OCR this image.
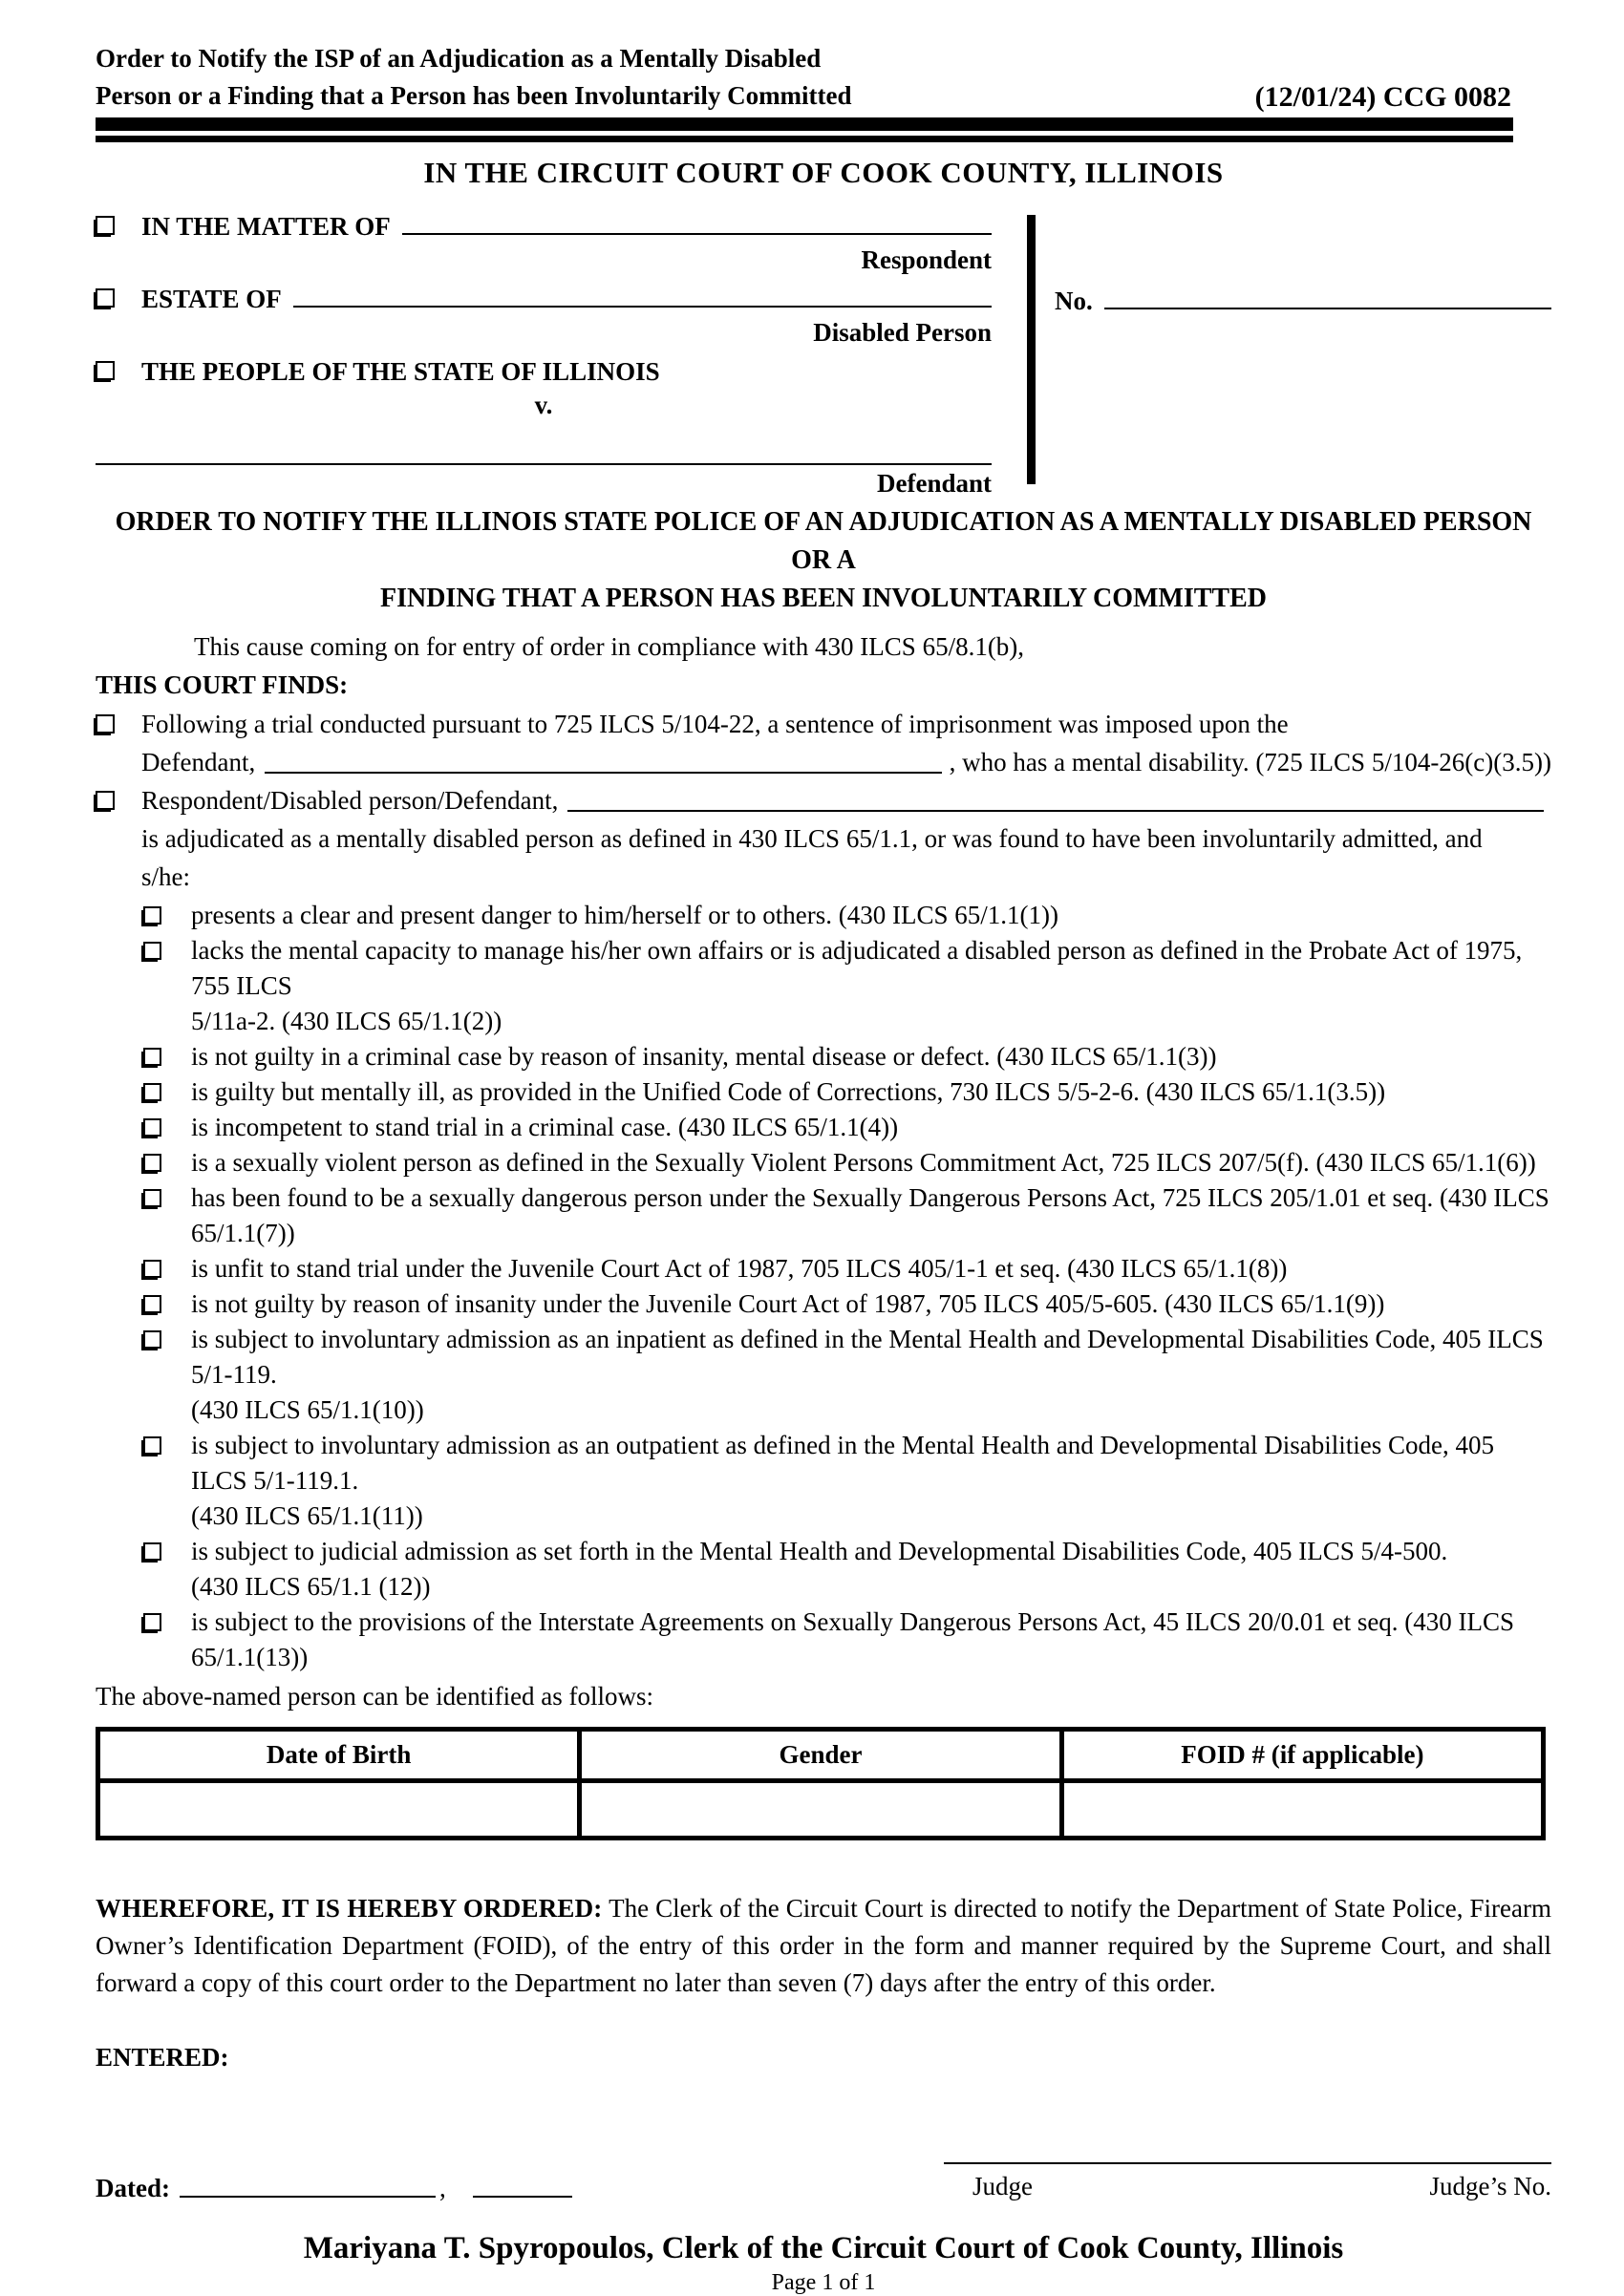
Order to Notify the ISP of an Adjudication as a Mentally Disabled
Person or a Finding that a Person has been Involuntarily Committed	(12/01/24) CCG 0082
IN THE CIRCUIT COURT OF COOK COUNTY, ILLINOIS
IN THE MATTER OF
Respondent
ESTATE OF
Disabled Person
THE PEOPLE OF THE STATE OF ILLINOIS
v.
Defendant
No.
ORDER TO NOTIFY THE ILLINOIS STATE POLICE OF AN ADJUDICATION AS A MENTALLY DISABLED PERSON OR A
FINDING THAT A PERSON HAS BEEN INVOLUNTARILY COMMITTED
This cause coming on for entry of order in compliance with 430 ILCS 65/8.1(b),
THIS COURT FINDS:
Following a trial conducted pursuant to 725 ILCS 5/104-22, a sentence of imprisonment was imposed upon the
Defendant,	, who has a mental disability. (725 ILCS 5/104-26(c)(3.5))
Respondent/Disabled person/Defendant,
is adjudicated as a mentally disabled person as defined in 430 ILCS 65/1.1, or was found to have been involuntarily admitted, and
s/he:
presents a clear and present danger to him/herself or to others. (430 ILCS 65/1.1(1))
lacks the mental capacity to manage his/her own affairs or is adjudicated a disabled person as defined in the Probate Act of 1975, 755 ILCS
5/11a-2. (430 ILCS 65/1.1(2))
is not guilty in a criminal case by reason of insanity, mental disease or defect. (430 ILCS 65/1.1(3))
is guilty but mentally ill, as provided in the Unified Code of Corrections, 730 ILCS 5/5-2-6. (430 ILCS 65/1.1(3.5))
is incompetent to stand trial in a criminal case. (430 ILCS 65/1.1(4))
is a sexually violent person as defined in the Sexually Violent Persons Commitment Act, 725 ILCS 207/5(f). (430 ILCS 65/1.1(6))
has been found to be a sexually dangerous person under the Sexually Dangerous Persons Act, 725 ILCS 205/1.01 et seq. (430 ILCS 65/1.1(7))
is unfit to stand trial under the Juvenile Court Act of 1987, 705 ILCS 405/1-1 et seq. (430 ILCS 65/1.1(8))
is not guilty by reason of insanity under the Juvenile Court Act of 1987, 705 ILCS 405/5-605. (430 ILCS 65/1.1(9))
is subject to involuntary admission as an inpatient as defined in the Mental Health and Developmental Disabilities Code, 405 ILCS 5/1-119.
(430 ILCS 65/1.1(10))
is subject to involuntary admission as an outpatient as defined in the Mental Health and Developmental Disabilities Code, 405 ILCS 5/1-119.1.
(430 ILCS 65/1.1(11))
is subject to judicial admission as set forth in the Mental Health and Developmental Disabilities Code, 405 ILCS 5/4-500.
(430 ILCS 65/1.1 (12))
is subject to the provisions of the Interstate Agreements on Sexually Dangerous Persons Act, 45 ILCS 20/0.01 et seq. (430 ILCS 65/1.1(13))
The above-named person can be identified as follows:
Date of Birth	Gender	FOID # (if applicable)

WHEREFORE, IT IS HEREBY ORDERED: The Clerk of the Circuit Court is directed to notify the Department of State Police, Firearm Owner’s Identification Department (FOID), of the entry of this order in the form and manner required by the Supreme Court, and shall forward a copy of this court order to the Department no later than seven (7) days after the entry of this order.
ENTERED:
Dated:	,	Judge	Judge’s No.
Mariyana T. Spyropoulos, Clerk of the Circuit Court of Cook County, Illinois
Page 1 of 1
